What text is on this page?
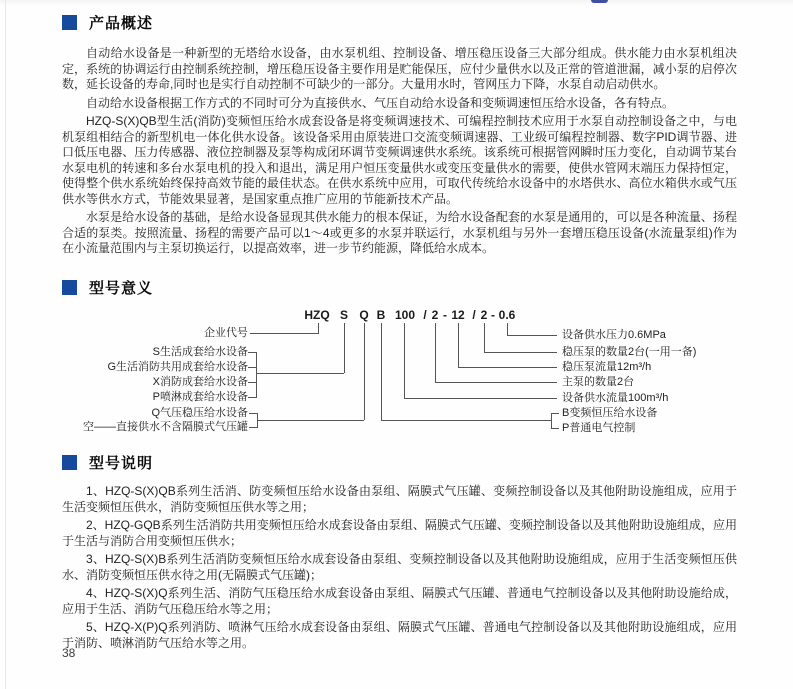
产品概述

自动给水设备是一种新型的无塔给水设备，由水泵机组、控制设备、增压稳压设备三大部分组成。供水能力由水泵机组决定，系统的协调运行由控制系统控制，增压稳压设备主要作用是贮能保压，应付少量供水以及正常的管道泄漏，减小泵的启停次数，延长设备的寿命,同时也是实行自动控制不可缺少的一部分。大量用水时，管网压力下降，水泵自动启动供水。

自动给水设备根据工作方式的不同时可分为直接供水、气压自动给水设备和变频调速恒压给水设备，各有特点。

HZQ-S(X)QB型生活(消防)变频恒压给水成套设备是将变频调速技术、可编程控制技术应用于水泵自动控制设备之中，与电机泵组相结合的新型机电一体化供水设备。该设备采用由原装进口交流变频调速器、工业级可编程控制器、数字PID调节器、进口低压电器、压力传感器、液位控制器及泵等构成闭环调节变频调速供水系统。该系统可根据管网瞬时压力变化，自动调节某台水泵电机的转速和多台水泵电机的投入和退出，满足用户恒压变量供水或变压变量供水的需要，使供水管网末端压力保持恒定，使得整个供水系统始终保持高效节能的最佳状态。在供水系统中应用，可取代传统给水设备中的水塔供水、高位水箱供水或气压供水等供水方式，节能效果显著，是国家重点推广应用的节能新技术产品。

水泵是给水设备的基础，是给水设备显现其供水能力的根本保证，为给水设备配套的水泵是通用的，可以是各种流量、扬程合适的泵类。按照流量、扬程的需要产品可以1～4或更多的水泵并联运行，水泵机组与另外一套增压稳压设备(水流量泵组)作为在小流量范围内与主泵切换运行，以提高效率，进一步节约能源，降低给水成本。

型号意义
HZQ S Q B 100 / 2 - 12 / 2 - 0.6
企业代号
S生活成套给水设备
G生活消防共用成套给水设备
X消防成套给水设备
P喷淋成套给水设备
Q气压稳压给水设备
空——直接供水不含隔膜式气压罐
设备供水压力0.6MPa
稳压泵的数量2台(一用一备)
稳压泵流量12m³/h
主泵的数量2台
设备供水流量100m³/h
B变频恒压给水设备
P普通电气控制
型号说明

1、HZQ-S(X)QB系列生活消、防变频恒压给水设备由泵组、隔膜式气压罐、变频控制设备以及其他附助设施组成，应用于生活变频恒压供水，消防变频恒压供水等之用；

2、HZQ-GQB系列生活消防共用变频恒压给水成套设备由泵组、隔膜式气压罐、变频控制设备以及其他附助设施组成，应用于生活与消防合用变频恒压供水；

3、HZQ-S(X)B系列生活消防变频恒压给水成套设备由泵组、变频控制设备以及其他附助设施组成，应用于生活变频恒压供水、消防变频恒压供水待之用(无隔膜式气压罐)；

4、HZQ-S(X)Q系列生活、消防气压稳压给水成套设备由泵组、隔膜式气压罐、普通电气控制设备以及其他附助设施给成，应用于生活、消防气压稳压给水等之用；

5、HZQ-X(P)Q系列消防、喷淋气压给水成套设备由泵组、隔膜式气压罐、普通电气控制设备以及其他附助设施组成，应用于消防、喷淋消防气压给水等之用。

38
